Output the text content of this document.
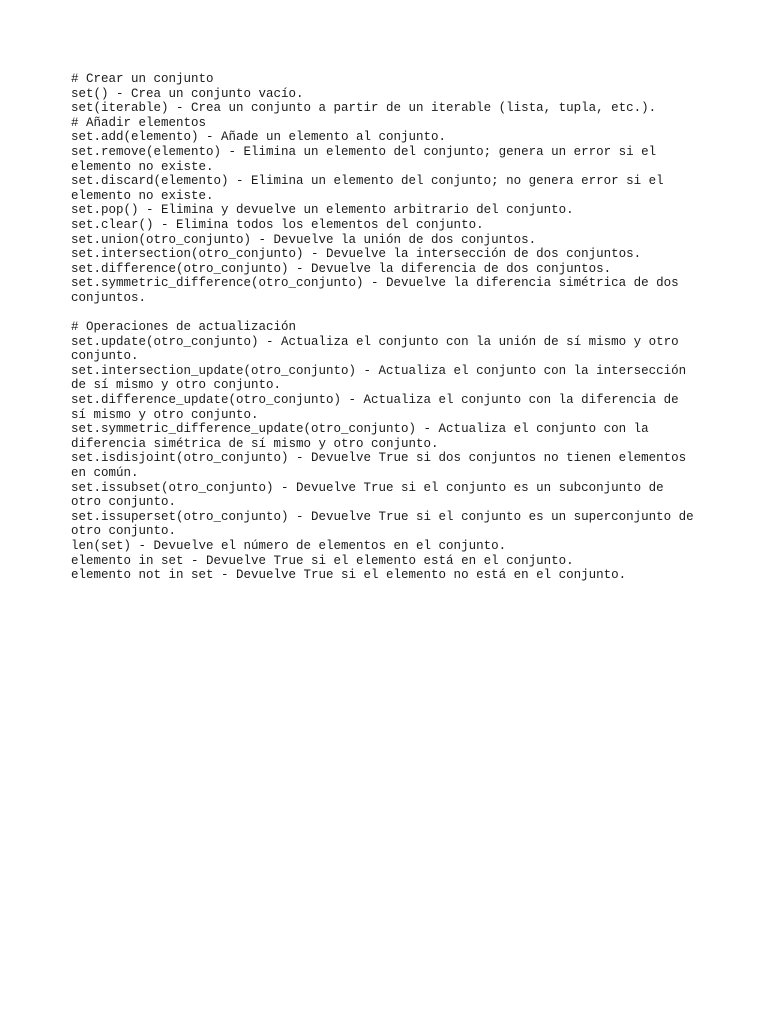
# Crear un conjunto
set() - Crea un conjunto vacío.
set(iterable) - Crea un conjunto a partir de un iterable (lista, tupla, etc.).
# Añadir elementos
set.add(elemento) - Añade un elemento al conjunto.
set.remove(elemento) - Elimina un elemento del conjunto; genera un error si el
elemento no existe.
set.discard(elemento) - Elimina un elemento del conjunto; no genera error si el
elemento no existe.
set.pop() - Elimina y devuelve un elemento arbitrario del conjunto.
set.clear() - Elimina todos los elementos del conjunto.
set.union(otro_conjunto) - Devuelve la unión de dos conjuntos.
set.intersection(otro_conjunto) - Devuelve la intersección de dos conjuntos.
set.difference(otro_conjunto) - Devuelve la diferencia de dos conjuntos.
set.symmetric_difference(otro_conjunto) - Devuelve la diferencia simétrica de dos
conjuntos.
# Operaciones de actualización
set.update(otro_conjunto) - Actualiza el conjunto con la unión de sí mismo y otro
conjunto.
set.intersection_update(otro_conjunto) - Actualiza el conjunto con la intersección
de sí mismo y otro conjunto.
set.difference_update(otro_conjunto) - Actualiza el conjunto con la diferencia de
sí mismo y otro conjunto.
set.symmetric_difference_update(otro_conjunto) - Actualiza el conjunto con la
diferencia simétrica de sí mismo y otro conjunto.
set.isdisjoint(otro_conjunto) - Devuelve True si dos conjuntos no tienen elementos
en común.
set.issubset(otro_conjunto) - Devuelve True si el conjunto es un subconjunto de
otro conjunto.
set.issuperset(otro_conjunto) - Devuelve True si el conjunto es un superconjunto de
otro conjunto.
len(set) - Devuelve el número de elementos en el conjunto.
elemento in set - Devuelve True si el elemento está en el conjunto.
elemento not in set - Devuelve True si el elemento no está en el conjunto.
